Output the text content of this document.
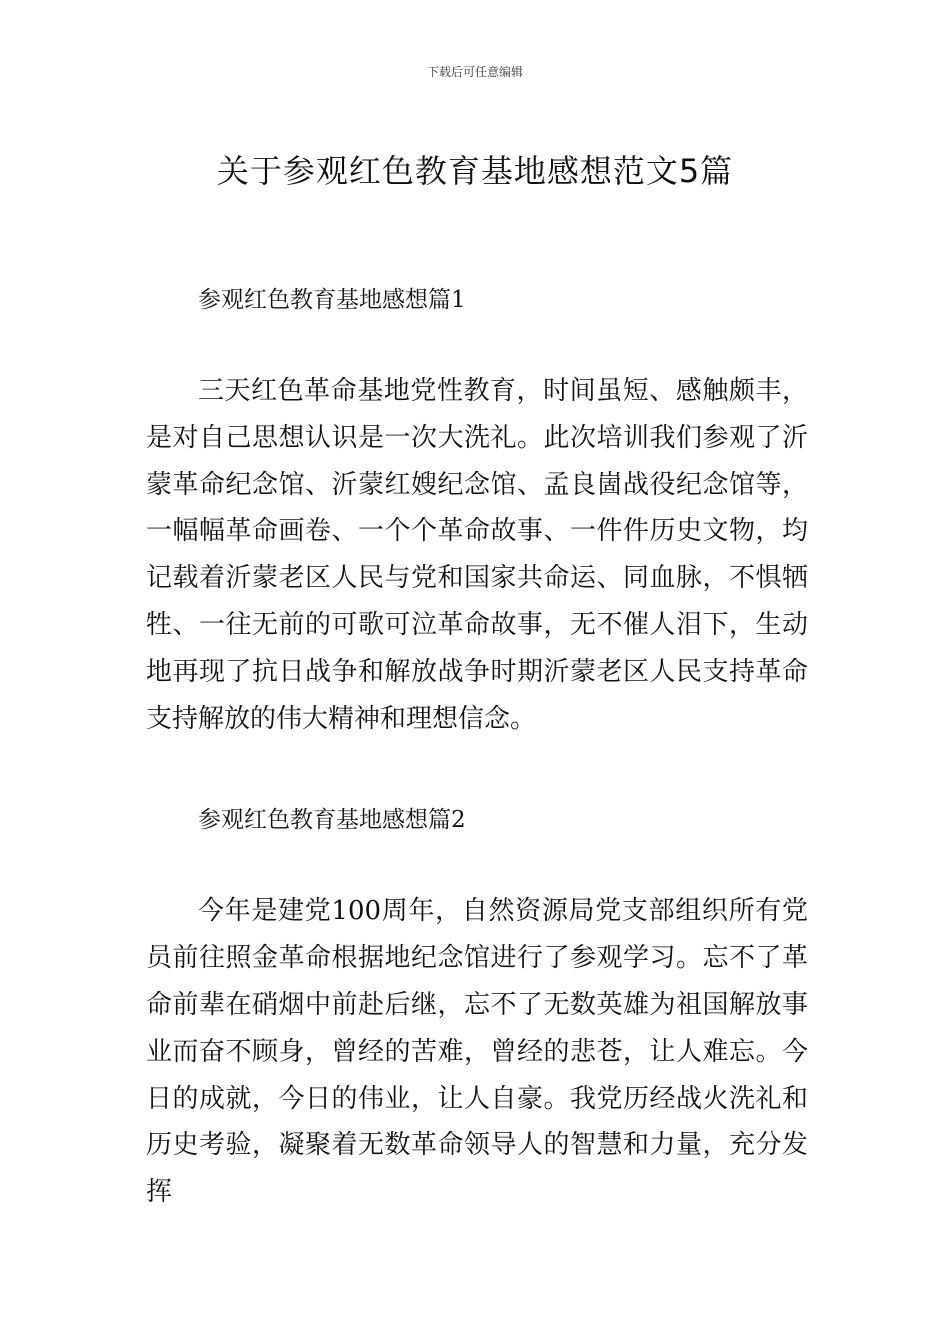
下载后可任意编辑
关于参观红色教育基地感想范文5篇
参观红色教育基地感想篇1

三天红色革命基地党性教育，时间虽短、感触颇丰，是对自己思想认识是一次大洗礼。此次培训我们参观了沂蒙革命纪念馆、沂蒙红嫂纪念馆、孟良崮战役纪念馆等，一幅幅革命画卷、一个个革命故事、一件件历史文物，均记载着沂蒙老区人民与党和国家共命运、同血脉，不惧牺牲、一往无前的可歌可泣革命故事，无不催人泪下，生动地再现了抗日战争和解放战争时期沂蒙老区人民支持革命支持解放的伟大精神和理想信念。

参观红色教育基地感想篇2

今年是建党100周年，自然资源局党支部组织所有党员前往照金革命根据地纪念馆进行了参观学习。忘不了革命前辈在硝烟中前赴后继，忘不了无数英雄为祖国解放事业而奋不顾身，曾经的苦难，曾经的悲苍，让人难忘。今日的成就，今日的伟业，让人自豪。我党历经战火洗礼和历史考验，凝聚着无数革命领导人的智慧和力量，充分发挥
